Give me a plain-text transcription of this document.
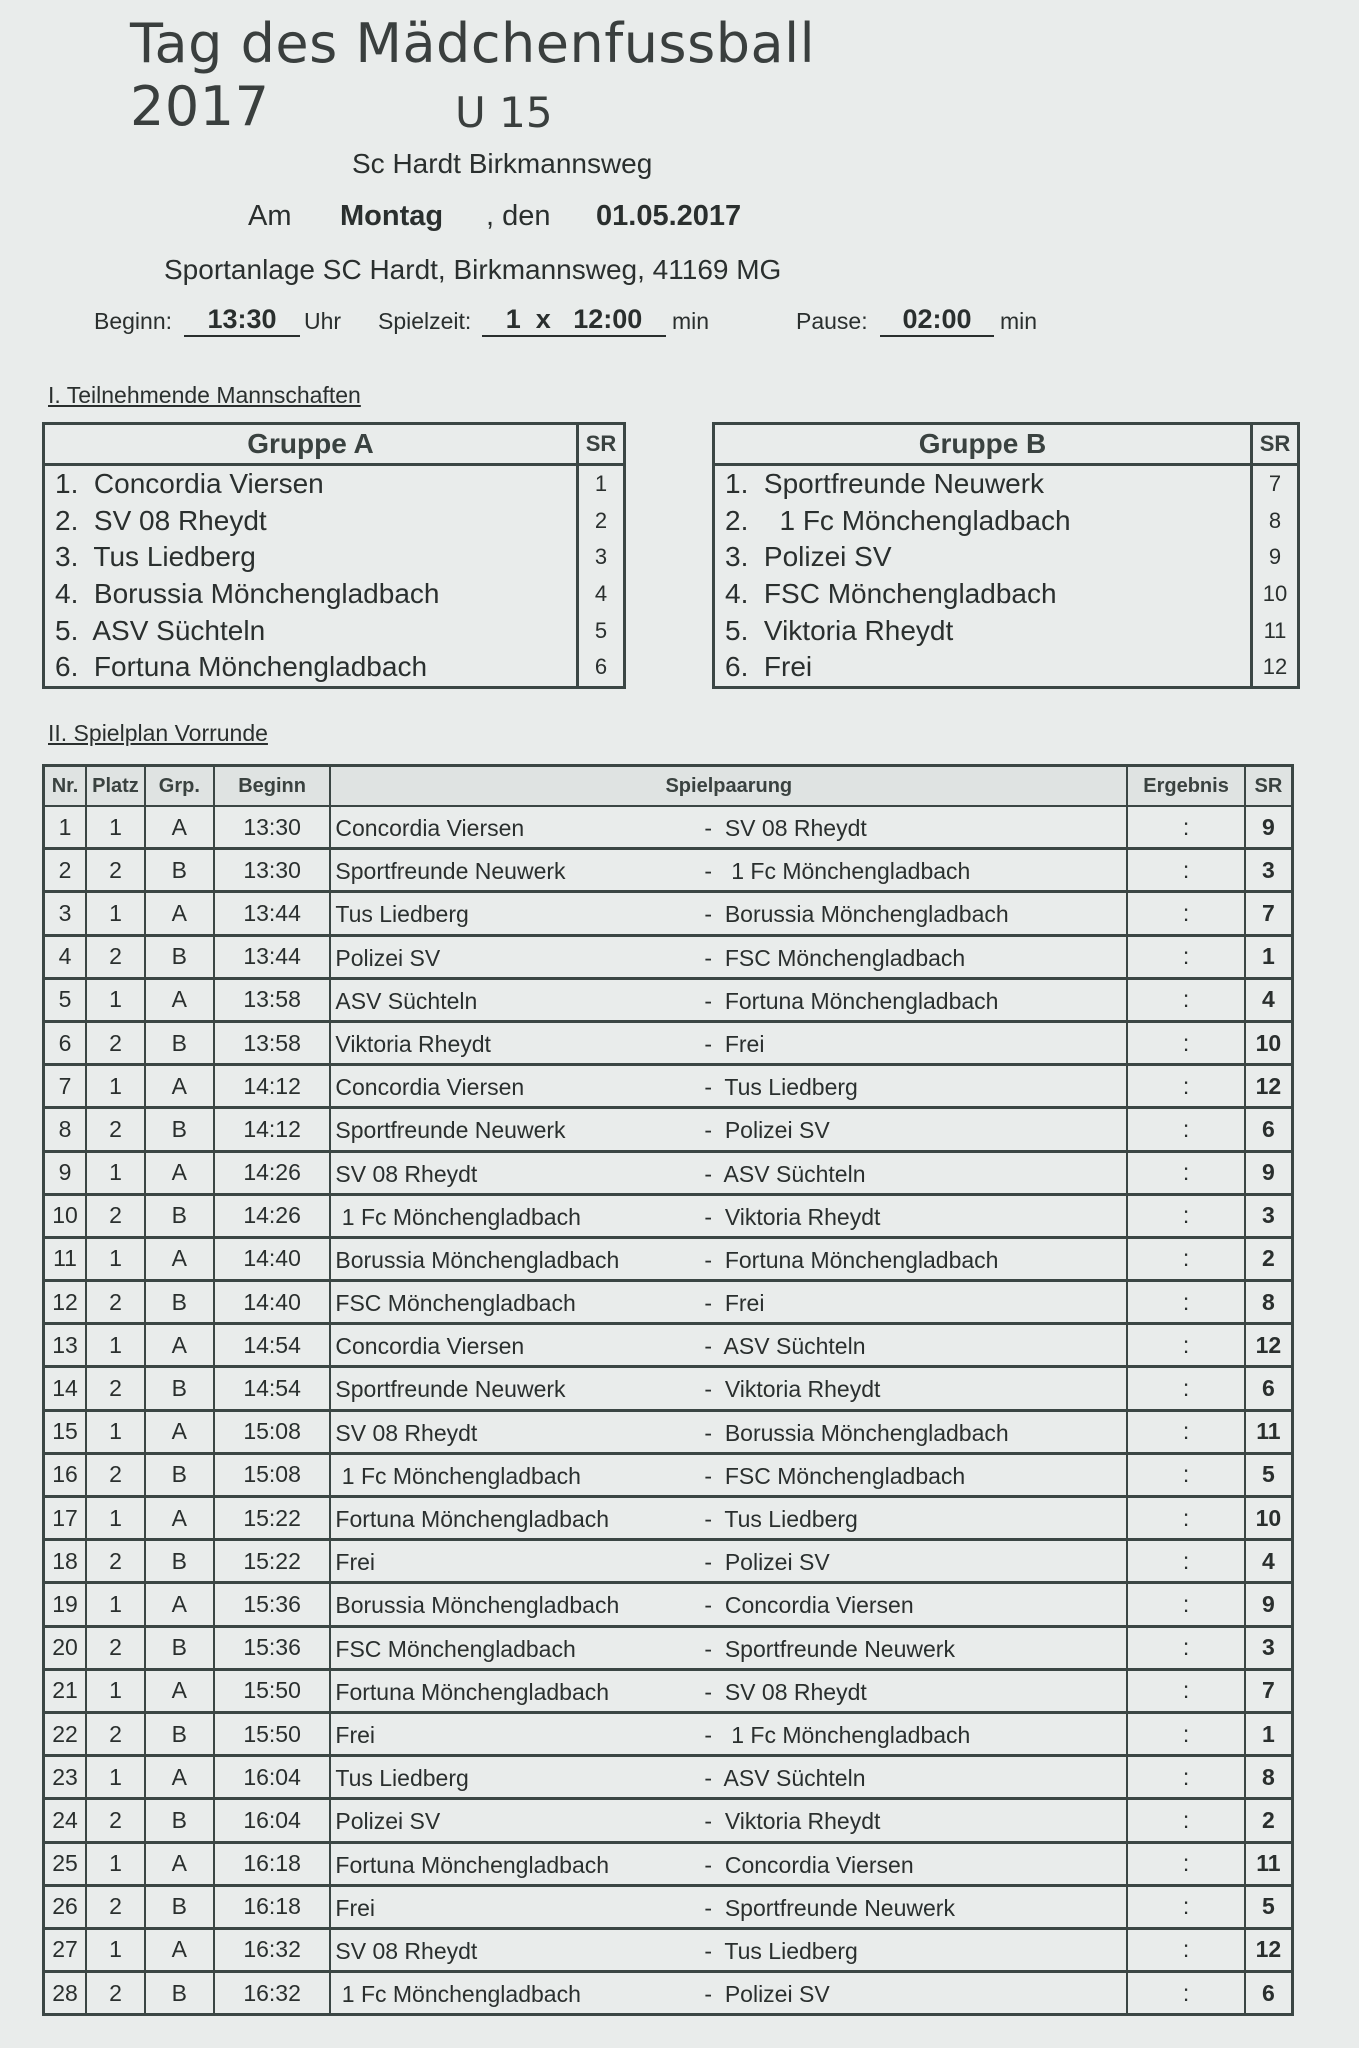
Tag des Mädchenfussball 2017	U 15
Sc Hardt Birkmannsweg
Am Montag , den 01.05.2017
Sportanlage SC Hardt, Birkmannsweg, 41169 MG
Beginn:	13:30	Uhr Spielzeit:	1  x   12:00	min	Pause:	02:00	min
I. Teilnehmende Mannschaften
Gruppe A	SR
1.  Concordia Viersen	1
2.  SV 08 Rheydt	2
3.  Tus Liedberg	3
4.  Borussia Mönchengladbach	4
5.  ASV Süchteln	5
6.  Fortuna Mönchengladbach	6
Gruppe B	SR
1.  Sportfreunde Neuwerk	7
2.    1 Fc Mönchengladbach	8
3.  Polizei SV	9
4.  FSC Mönchengladbach	10
5.  Viktoria Rheydt	11
6.  Frei	12
II. Spielplan Vorrunde
Nr.	Platz	Grp.	Beginn	Spielpaarung	Ergebnis	SR
1	1	A	13:30	Concordia Viersen -  SV 08 Rheydt	:	9
2	2	B	13:30	Sportfreunde Neuwerk -   1 Fc Mönchengladbach	:	3
3	1	A	13:44	Tus Liedberg -  Borussia Mönchengladbach	:	7
4	2	B	13:44	Polizei SV -  FSC Mönchengladbach	:	1
5	1	A	13:58	ASV Süchteln -  Fortuna Mönchengladbach	:	4
6	2	B	13:58	Viktoria Rheydt -  Frei	:	10
7	1	A	14:12	Concordia Viersen -  Tus Liedberg	:	12
8	2	B	14:12	Sportfreunde Neuwerk -  Polizei SV	:	6
9	1	A	14:26	SV 08 Rheydt -  ASV Süchteln	:	9
10	2	B	14:26	1 Fc Mönchengladbach -  Viktoria Rheydt	:	3
11	1	A	14:40	Borussia Mönchengladbach -  Fortuna Mönchengladbach	:	2
12	2	B	14:40	FSC Mönchengladbach -  Frei	:	8
13	1	A	14:54	Concordia Viersen -  ASV Süchteln	:	12
14	2	B	14:54	Sportfreunde Neuwerk -  Viktoria Rheydt	:	6
15	1	A	15:08	SV 08 Rheydt -  Borussia Mönchengladbach	:	11
16	2	B	15:08	1 Fc Mönchengladbach -  FSC Mönchengladbach	:	5
17	1	A	15:22	Fortuna Mönchengladbach -  Tus Liedberg	:	10
18	2	B	15:22	Frei -  Polizei SV	:	4
19	1	A	15:36	Borussia Mönchengladbach -  Concordia Viersen	:	9
20	2	B	15:36	FSC Mönchengladbach -  Sportfreunde Neuwerk	:	3
21	1	A	15:50	Fortuna Mönchengladbach -  SV 08 Rheydt	:	7
22	2	B	15:50	Frei -   1 Fc Mönchengladbach	:	1
23	1	A	16:04	Tus Liedberg -  ASV Süchteln	:	8
24	2	B	16:04	Polizei SV -  Viktoria Rheydt	:	2
25	1	A	16:18	Fortuna Mönchengladbach -  Concordia Viersen	:	11
26	2	B	16:18	Frei -  Sportfreunde Neuwerk	:	5
27	1	A	16:32	SV 08 Rheydt -  Tus Liedberg	:	12
28	2	B	16:32	1 Fc Mönchengladbach -  Polizei SV	:	6
